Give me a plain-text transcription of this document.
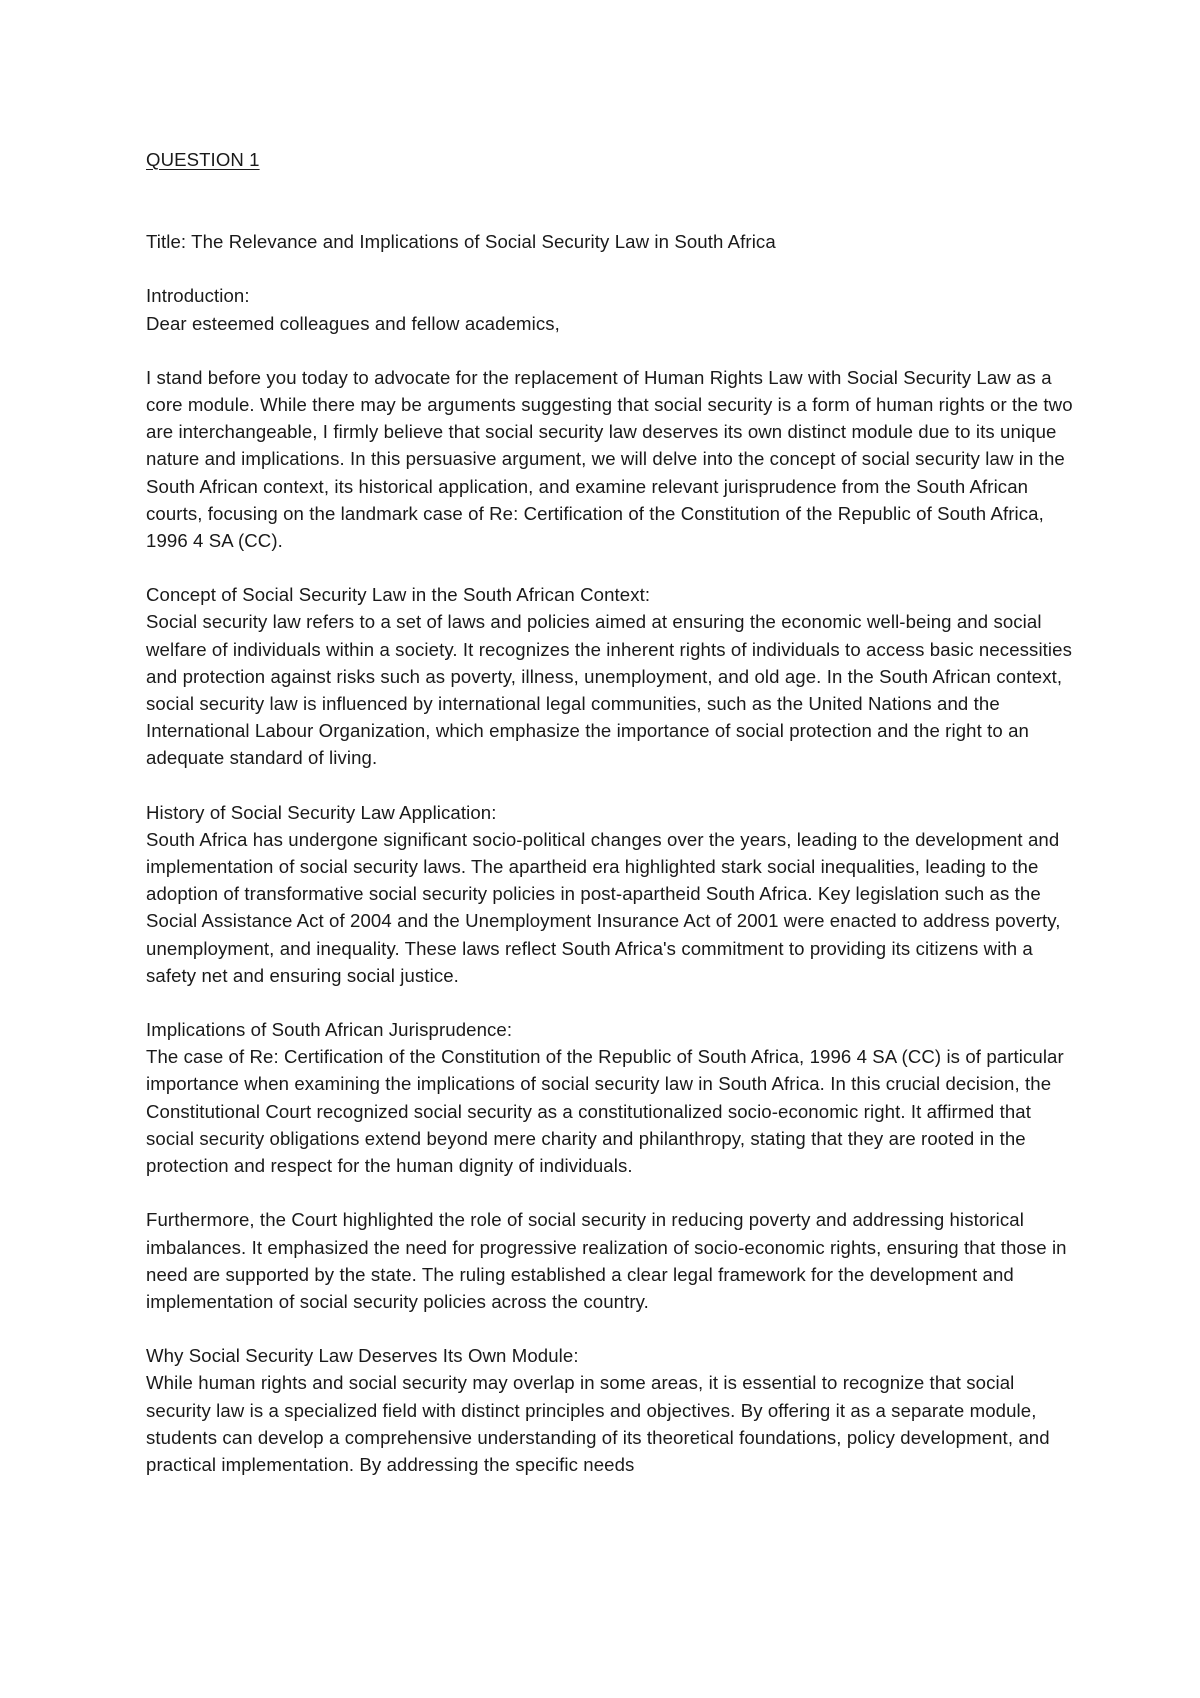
QUESTION 1

Title: The Relevance and Implications of Social Security Law in South Africa

Introduction:

Dear esteemed colleagues and fellow academics,

I stand before you today to advocate for the replacement of Human Rights Law with Social Security Law as a core module. While there may be arguments suggesting that social security is a form of human rights or the two are interchangeable, I firmly believe that social security law deserves its own distinct module due to its unique nature and implications. In this persuasive argument, we will delve into the concept of social security law in the South African context, its historical application, and examine relevant jurisprudence from the South African courts, focusing on the landmark case of Re: Certification of the Constitution of the Republic of South Africa, 1996 4 SA (CC).

Concept of Social Security Law in the South African Context:

Social security law refers to a set of laws and policies aimed at ensuring the economic well-being and social welfare of individuals within a society. It recognizes the inherent rights of individuals to access basic necessities and protection against risks such as poverty, illness, unemployment, and old age. In the South African context, social security law is influenced by international legal communities, such as the United Nations and the International Labour Organization, which emphasize the importance of social protection and the right to an adequate standard of living.

History of Social Security Law Application:

South Africa has undergone significant socio-political changes over the years, leading to the development and implementation of social security laws. The apartheid era highlighted stark social inequalities, leading to the adoption of transformative social security policies in post-apartheid South Africa. Key legislation such as the Social Assistance Act of 2004 and the Unemployment Insurance Act of 2001 were enacted to address poverty, unemployment, and inequality. These laws reflect South Africa's commitment to providing its citizens with a safety net and ensuring social justice.

Implications of South African Jurisprudence:

The case of Re: Certification of the Constitution of the Republic of South Africa, 1996 4 SA (CC) is of particular importance when examining the implications of social security law in South Africa. In this crucial decision, the Constitutional Court recognized social security as a constitutionalized socio-economic right. It affirmed that social security obligations extend beyond mere charity and philanthropy, stating that they are rooted in the protection and respect for the human dignity of individuals.

Furthermore, the Court highlighted the role of social security in reducing poverty and addressing historical imbalances. It emphasized the need for progressive realization of socio-economic rights, ensuring that those in need are supported by the state. The ruling established a clear legal framework for the development and implementation of social security policies across the country.

Why Social Security Law Deserves Its Own Module:

While human rights and social security may overlap in some areas, it is essential to recognize that social security law is a specialized field with distinct principles and objectives. By offering it as a separate module, students can develop a comprehensive understanding of its theoretical foundations, policy development, and practical implementation. By addressing the specific needs
